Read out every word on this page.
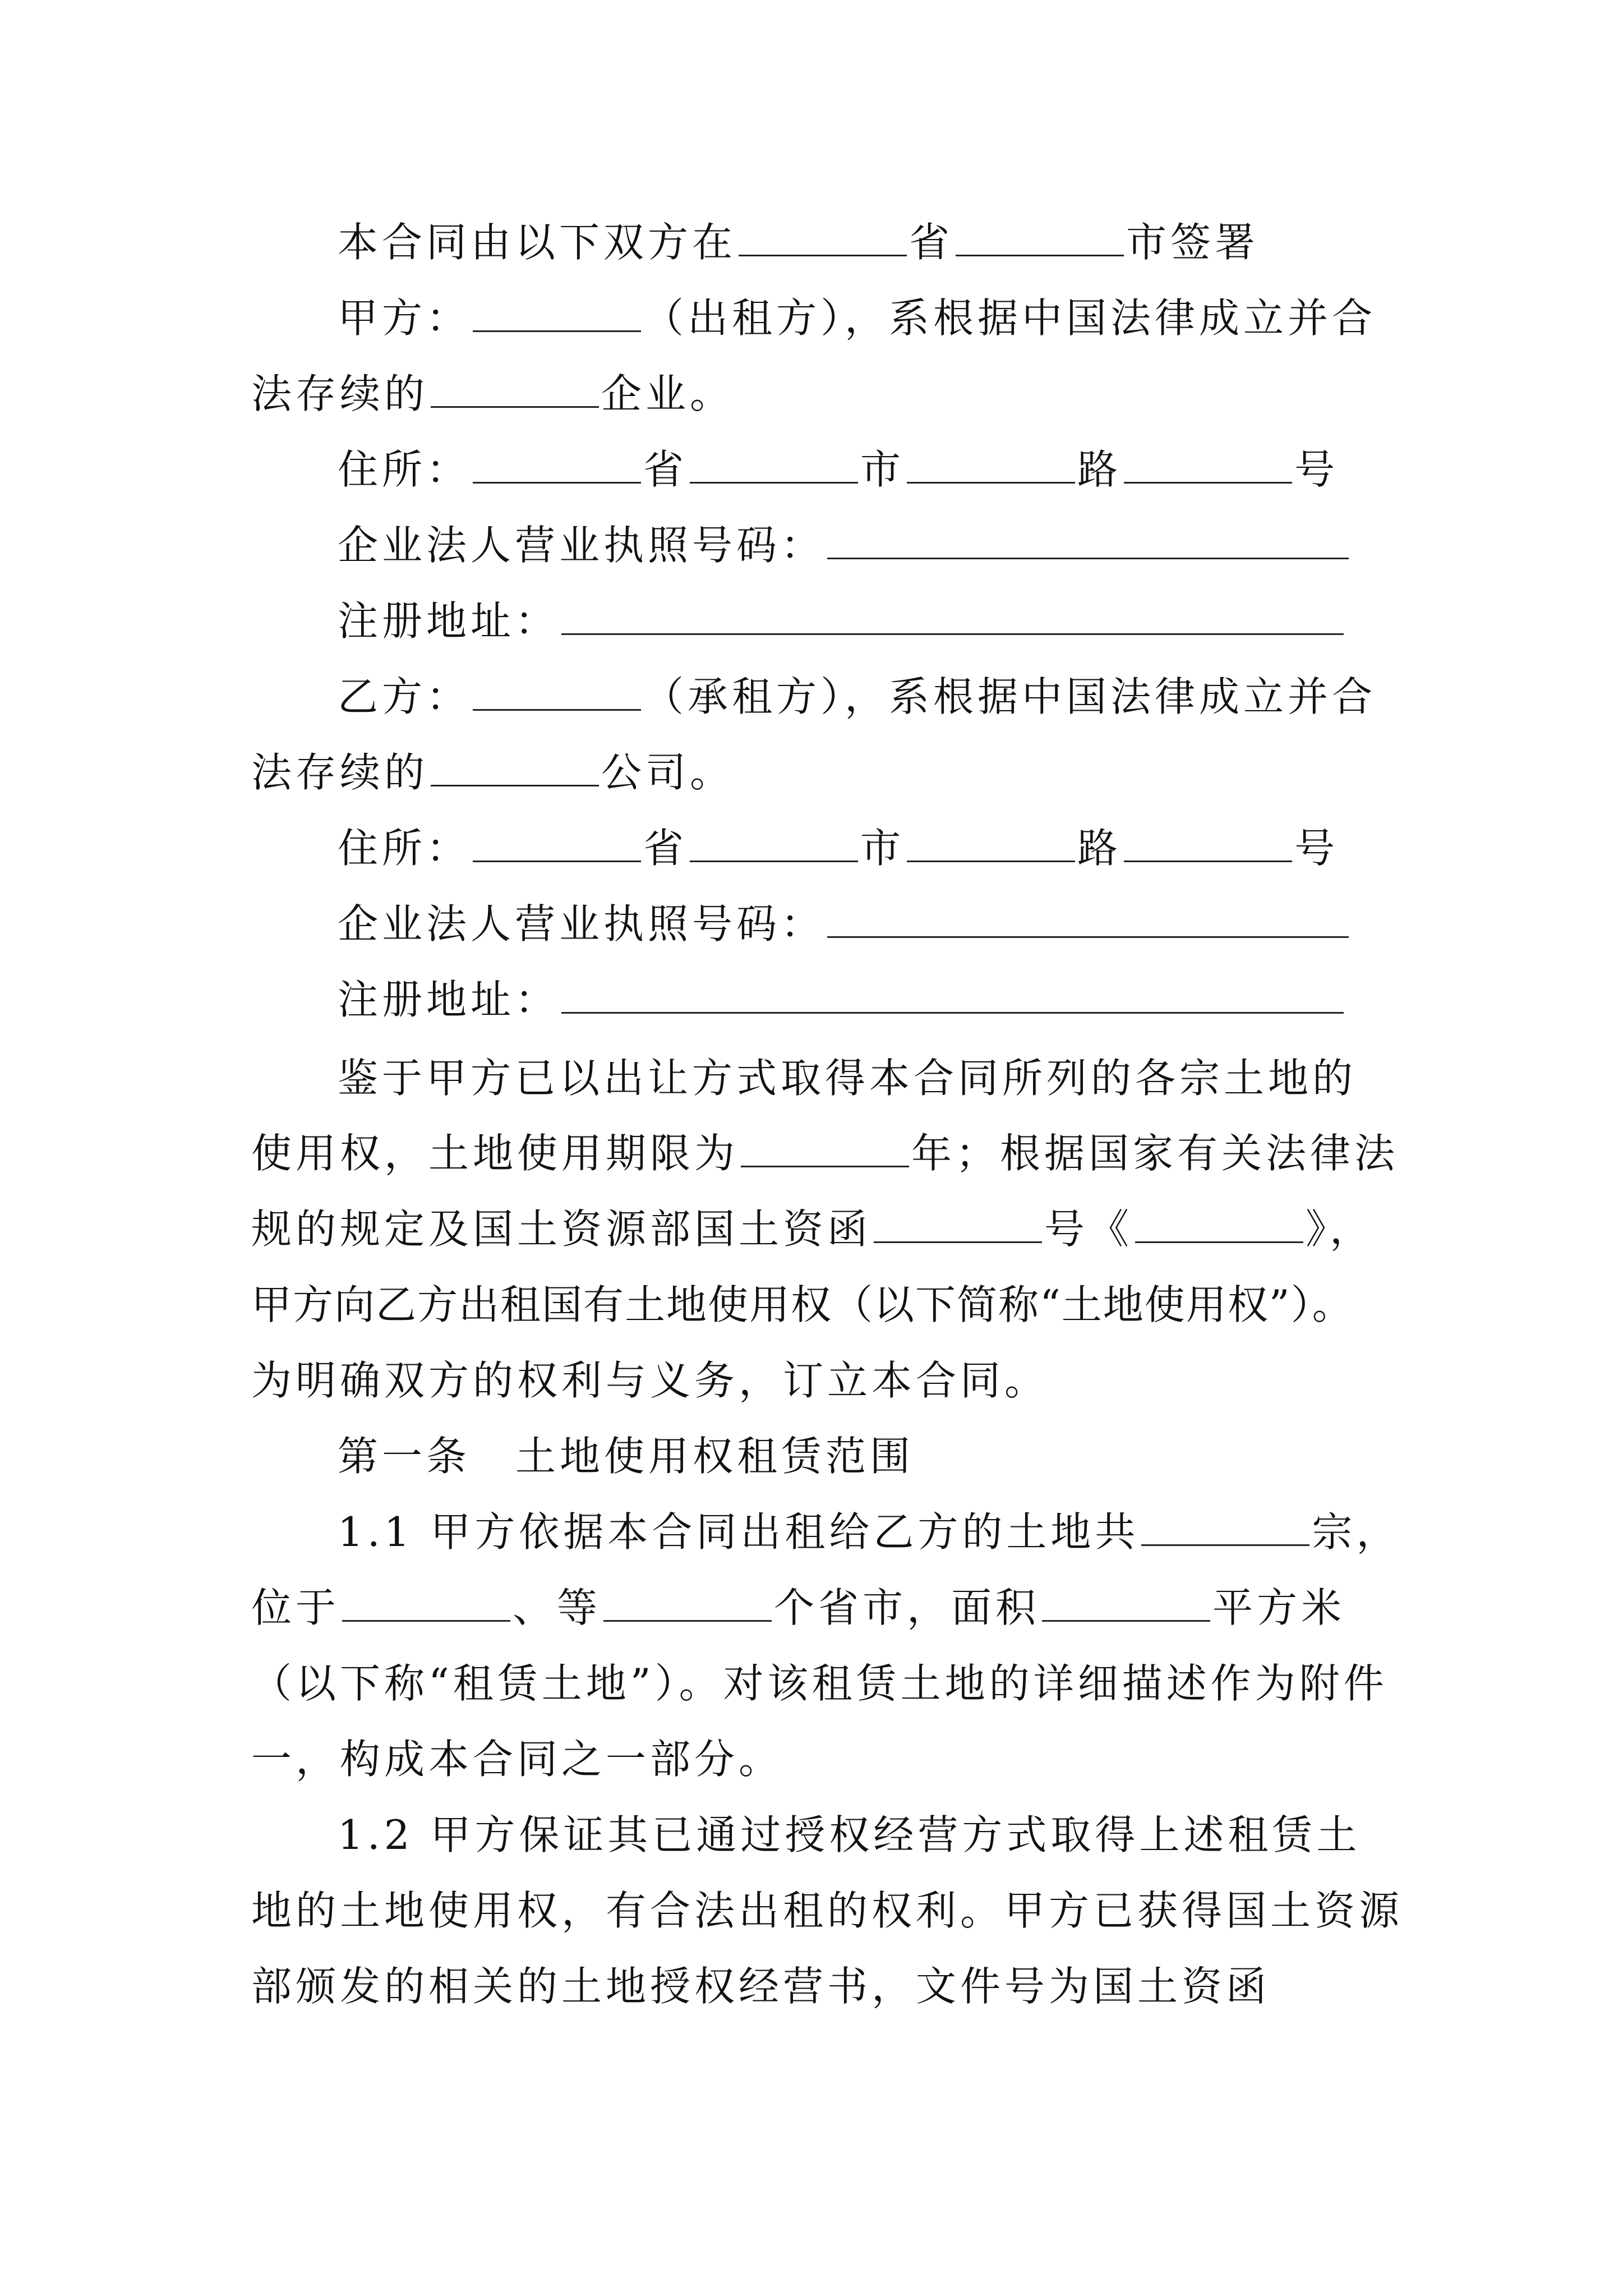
本合同由以下双方在	省	市签署
甲方：	（出租方），系根据中国法律成立并合
法存续的	企业。
住所：	省	市	路	号
企业法人营业执照号码：
注册地址：
乙方：	（承租方），系根据中国法律成立并合
法存续的	公司。
住所：	省	市	路	号
企业法人营业执照号码：
注册地址：
鉴于甲方已以出让方式取得本合同所列的各宗土地的
使用权，土地使用期限为	年；根据国家有关法律法
规的规定及国土资源部国土资函	号《	》，
甲方向乙方出租国有土地使用权（以下简称“土地使用权”）。
为明确双方的权利与义务，订立本合同。
第一条 土地使用权租赁范围
1.1 甲方依据本合同出租给乙方的土地共	宗，
位于	、等	个省市，面积	平方米
（以下称“租赁土地”）。对该租赁土地的详细描述作为附件
一，构成本合同之一部分。
1.2 甲方保证其已通过授权经营方式取得上述租赁土
地的土地使用权，有合法出租的权利。甲方已获得国土资源
部颁发的相关的土地授权经营书，文件号为国土资函
